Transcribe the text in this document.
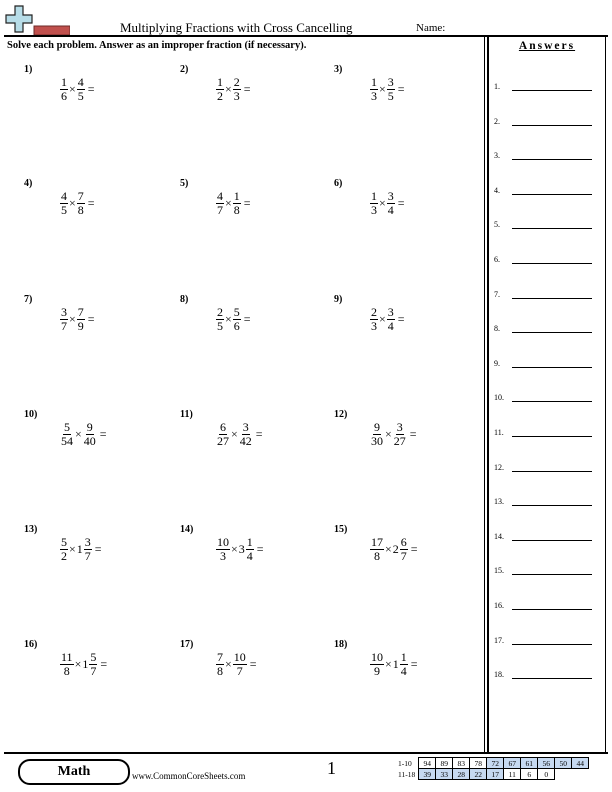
Multiplying Fractions with Cross Cancelling	Name:
Solve each problem. Answer as an improper fraction (if necessary).	Answers
1)
$\frac{1}{6} \times \frac{4}{5}$ =
2)
$\frac{1}{2} \times \frac{2}{3}$ =
3)
$\frac{1}{3} \times \frac{3}{5}$ =
4)
$\frac{4}{5} \times \frac{7}{8}$ =
5)
$\frac{4}{7} \times \frac{1}{8}$ =
6)
$\frac{1}{3} \times \frac{3}{4}$ =
7)
$\frac{3}{7} \times \frac{7}{9}$ =
8)
$\frac{2}{5} \times \frac{5}{6}$ =
9)
$\frac{2}{3} \times \frac{3}{4}$ =
10)
$\frac{5}{54} \times \frac{9}{40}$ =
11)
$\frac{6}{27} \times \frac{3}{42}$ =
12)
$\frac{9}{30} \times \frac{3}{27}$ =
13)
$\frac{5}{2} \times 1 \frac{3}{7}$ =
14)
$\frac{10}{3} \times 3 \frac{1}{4}$ =
15)
$\frac{17}{8} \times 2 \frac{6}{7}$ =
16)
$\frac{11}{8} \times 1 \frac{5}{7}$ =
17)
$\frac{7}{8} \times \frac{10}{7}$ =
18)
$\frac{10}{9} \times 1 \frac{1}{4}$ =
1.
2.
3.
4.
5.
6.
7.
8.
9.
10.
11.
12.
13.
14.
15.
16.
17.
18.
Math	www.CommonCoreSheets.com	1	1-10	94	89	83	78	72	67	61	56	50	44
11-18	39	33	28	22	17	11	6	0		
